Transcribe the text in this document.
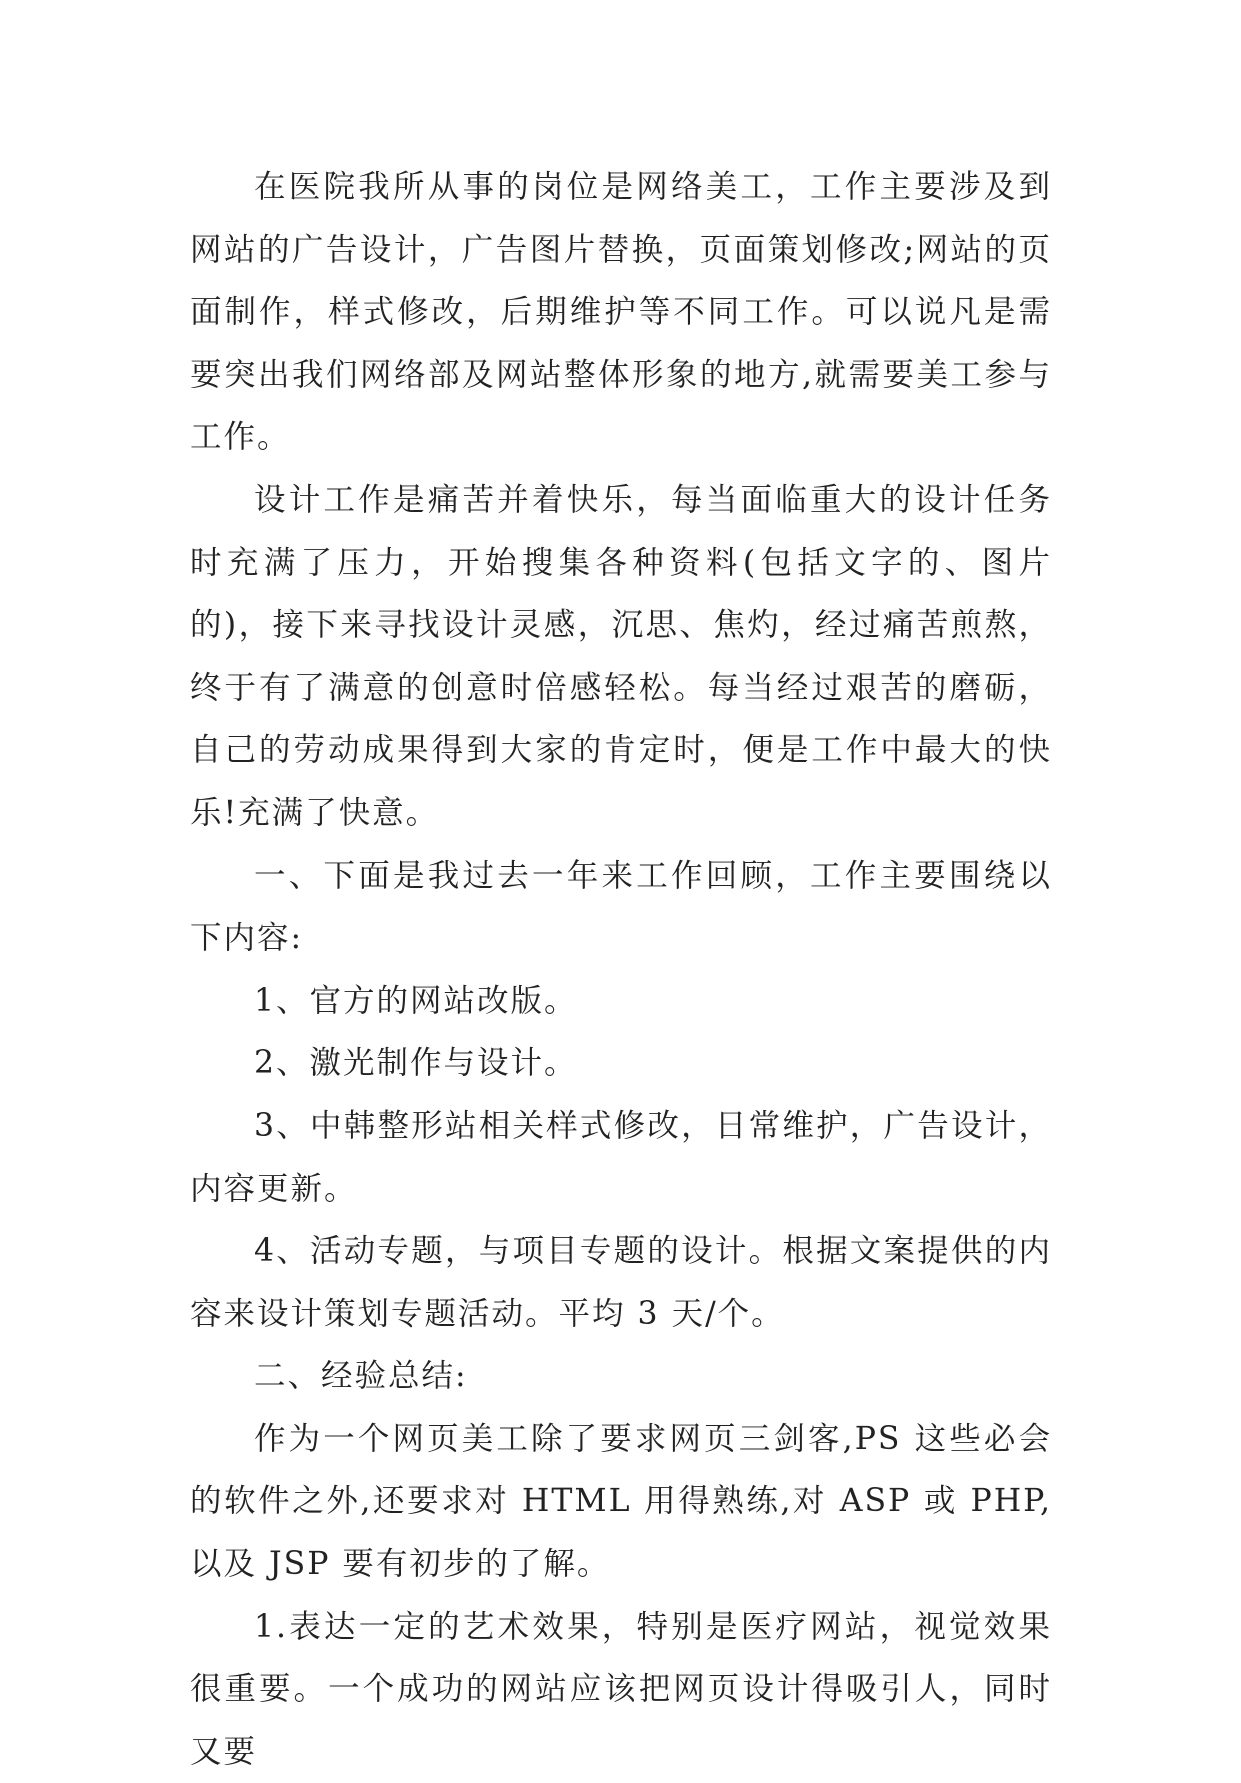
在医院我所从事的岗位是网络美工，工作主要涉及到网站的广告设计，广告图片替换，页面策划修改;网站的页面制作，样式修改，后期维护等不同工作。可以说凡是需要突出我们网络部及网站整体形象的地方,就需要美工参与工作。

设计工作是痛苦并着快乐，每当面临重大的设计任务时充满了压力，开始搜集各种资料(包括文字的、图片的)，接下来寻找设计灵感，沉思、焦灼，经过痛苦煎熬，终于有了满意的创意时倍感轻松。每当经过艰苦的磨砺，自己的劳动成果得到大家的肯定时，便是工作中最大的快乐!充满了快意。

一、下面是我过去一年来工作回顾，工作主要围绕以下内容:

1、官方的网站改版。

2、激光制作与设计。

3、中韩整形站相关样式修改，日常维护，广告设计，内容更新。

4、活动专题，与项目专题的设计。根据文案提供的内容来设计策划专题活动。平均 3 天/个。

二、经验总结:

作为一个网页美工除了要求网页三剑客,PS 这些必会的软件之外,还要求对 HTML 用得熟练,对 ASP 或 PHP,以及 JSP 要有初步的了解。

1.表达一定的艺术效果，特别是医疗网站，视觉效果很重要。一个成功的网站应该把网页设计得吸引人，同时又要
